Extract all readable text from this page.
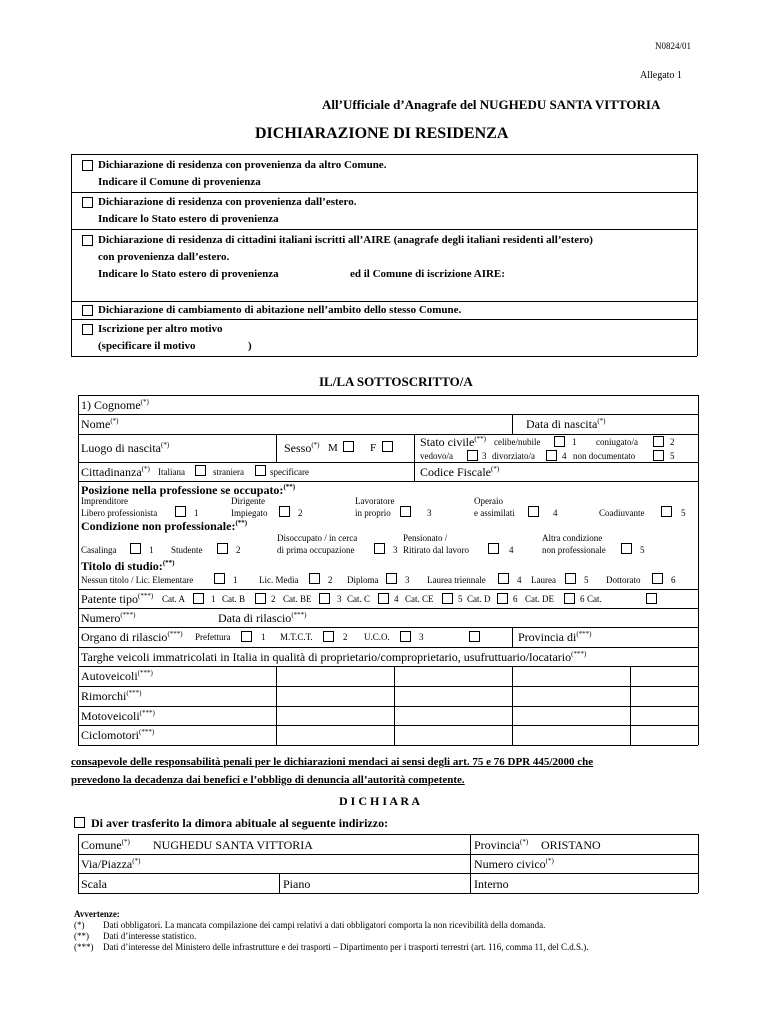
N0824/01
Allegato 1
All’Ufficiale d’Anagrafe del NUGHEDU SANTA VITTORIA
DICHIARAZIONE DI RESIDENZA
Dichiarazione di residenza con provenienza da altro Comune.
Indicare il Comune di provenienza
Dichiarazione di residenza con provenienza dall’estero.
Indicare lo Stato estero di provenienza
Dichiarazione di residenza di cittadini italiani iscritti all’AIRE (anagrafe degli italiani residenti all’estero)
con provenienza dall’estero.
Indicare lo Stato estero di provenienza	ed il Comune di iscrizione AIRE:
Dichiarazione di cambiamento di abitazione nell’ambito dello stesso Comune.
Iscrizione per altro motivo
(specificare il motivo	)
IL/LA SOTTOSCRITTO/A
1) Cognome(*)
Nome(*)	Data di nascita(*)
Luogo di nascita(*)	Sesso(*) M	F	Stato civile(**) celibe/nubile	1 coniugato/a	2
vedovo/a	3 divorziato/a	4 non documentato	5
Cittadinanza(*) Italiana	straniera	specificare	Codice Fiscale(*)
Posizione nella professione se occupato:(**)
Imprenditore
Libero professionista	1
Dirigente
Impiegato	2
Lavoratore
in proprio	3
Operaio
e assimilati	4	Coadiuvante	5
Condizione non professionale:(**)
Casalinga	1 Studente	2
Disoccupato / in cerca
di prima occupazione	3
Pensionato /
Ritirato dal lavoro	4
Altra condizione
non professionale	5
Titolo di studio:(**)
Nessun titolo / Lic. Elementare	1 Lic. Media	2 Diploma	3 Laurea triennale	4 Laurea	5 Dottorato	6
Patente tipo(***) Cat. A	1 Cat. B	2 Cat. BE	3 Cat. C	4 Cat. CE	5 Cat. D	6 Cat. DE	6 Cat.
Numero(***)	Data di rilascio(***)
Organo di rilascio(***) Prefettura	1 M.T.C.T.	2 U.C.O.	3	Provincia di(***)
Targhe veicoli immatricolati in Italia in qualità di proprietario/comproprietario, usufruttuario/locatario(***)
Autoveicoli(***)
Rimorchi(***)
Motoveicoli(***)
Ciclomotori(***)
consapevole delle responsabilità penali per le dichiarazioni mendaci ai sensi degli art. 75 e 76 DPR 445/2000 che
prevedono la decadenza dai benefici e l’obbligo di denuncia all’autorità competente.
D I C H I A R A
Di aver trasferito la dimora abituale al seguente indirizzo:
Comune(*) NUGHEDU SANTA VITTORIA	Provincia(*) ORISTANO
Via/Piazza(*)	Numero civico(*)
Scala	Piano	Interno
Avvertenze:
(*) Dati obbligatori. La mancata compilazione dei campi relativi a dati obbligatori comporta la non ricevibilità della domanda.
(**) Dati d’interesse statistico.
(***) Dati d’interesse del Ministero delle infrastrutture e dei trasporti – Dipartimento per i trasporti terrestri (art. 116, comma 11, del C.d.S.).
